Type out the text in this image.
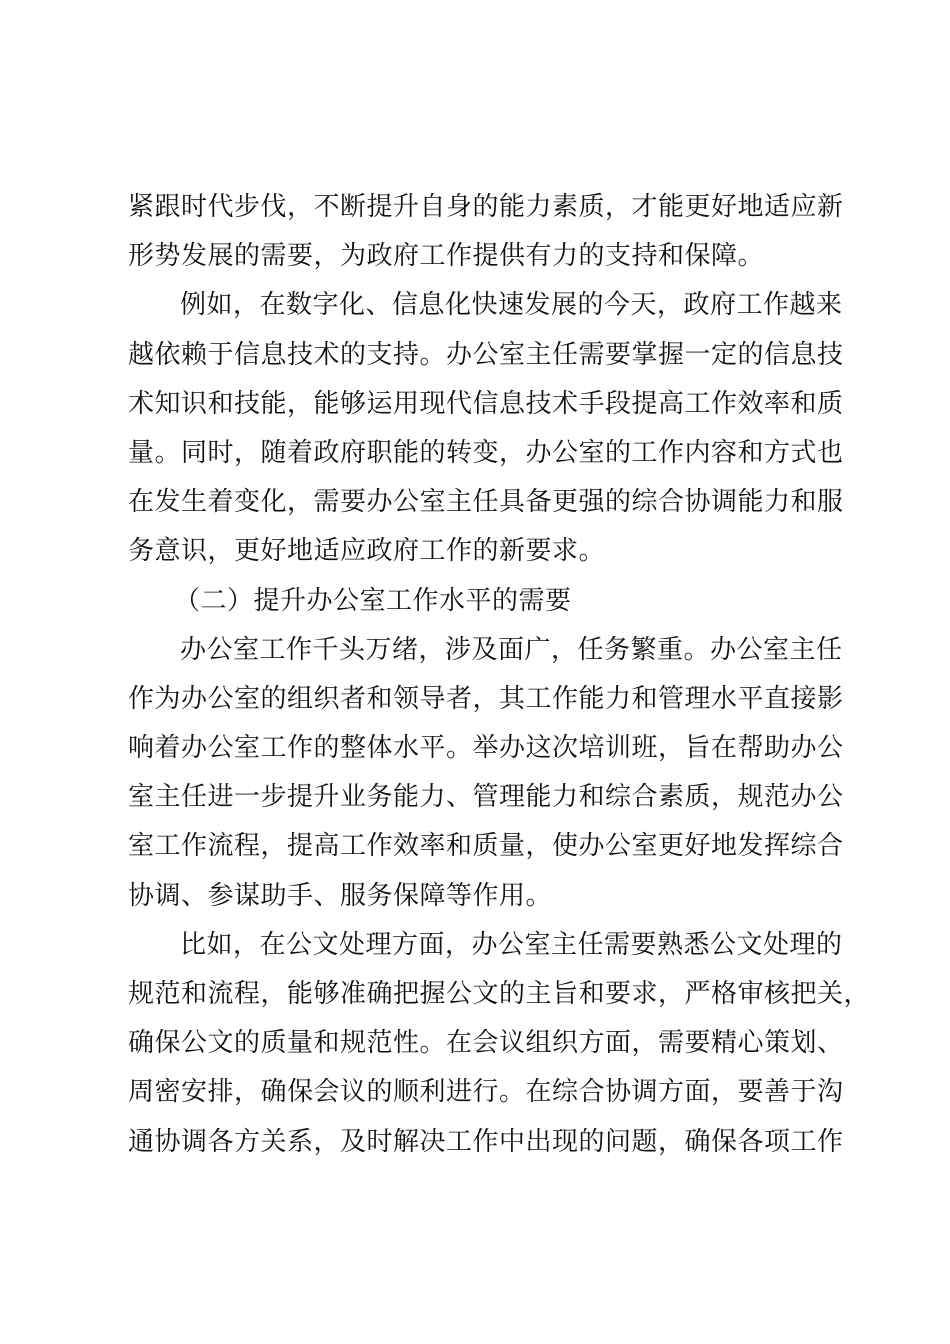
紧跟时代步伐，不断提升自身的能力素质，才能更好地适应新
形势发展的需要，为政府工作提供有力的支持和保障。
例如，在数字化、信息化快速发展的今天，政府工作越来
越依赖于信息技术的支持。办公室主任需要掌握一定的信息技
术知识和技能，能够运用现代信息技术手段提高工作效率和质
量。同时，随着政府职能的转变，办公室的工作内容和方式也
在发生着变化，需要办公室主任具备更强的综合协调能力和服
务意识，更好地适应政府工作的新要求。
（二）提升办公室工作水平的需要
办公室工作千头万绪，涉及面广，任务繁重。办公室主任
作为办公室的组织者和领导者，其工作能力和管理水平直接影
响着办公室工作的整体水平。举办这次培训班，旨在帮助办公
室主任进一步提升业务能力、管理能力和综合素质，规范办公
室工作流程，提高工作效率和质量，使办公室更好地发挥综合
协调、参谋助手、服务保障等作用。
比如，在公文处理方面，办公室主任需要熟悉公文处理的
规范和流程，能够准确把握公文的主旨和要求，严格审核把关，
确保公文的质量和规范性。在会议组织方面，需要精心策划、
周密安排，确保会议的顺利进行。在综合协调方面，要善于沟
通协调各方关系，及时解决工作中出现的问题，确保各项工作
